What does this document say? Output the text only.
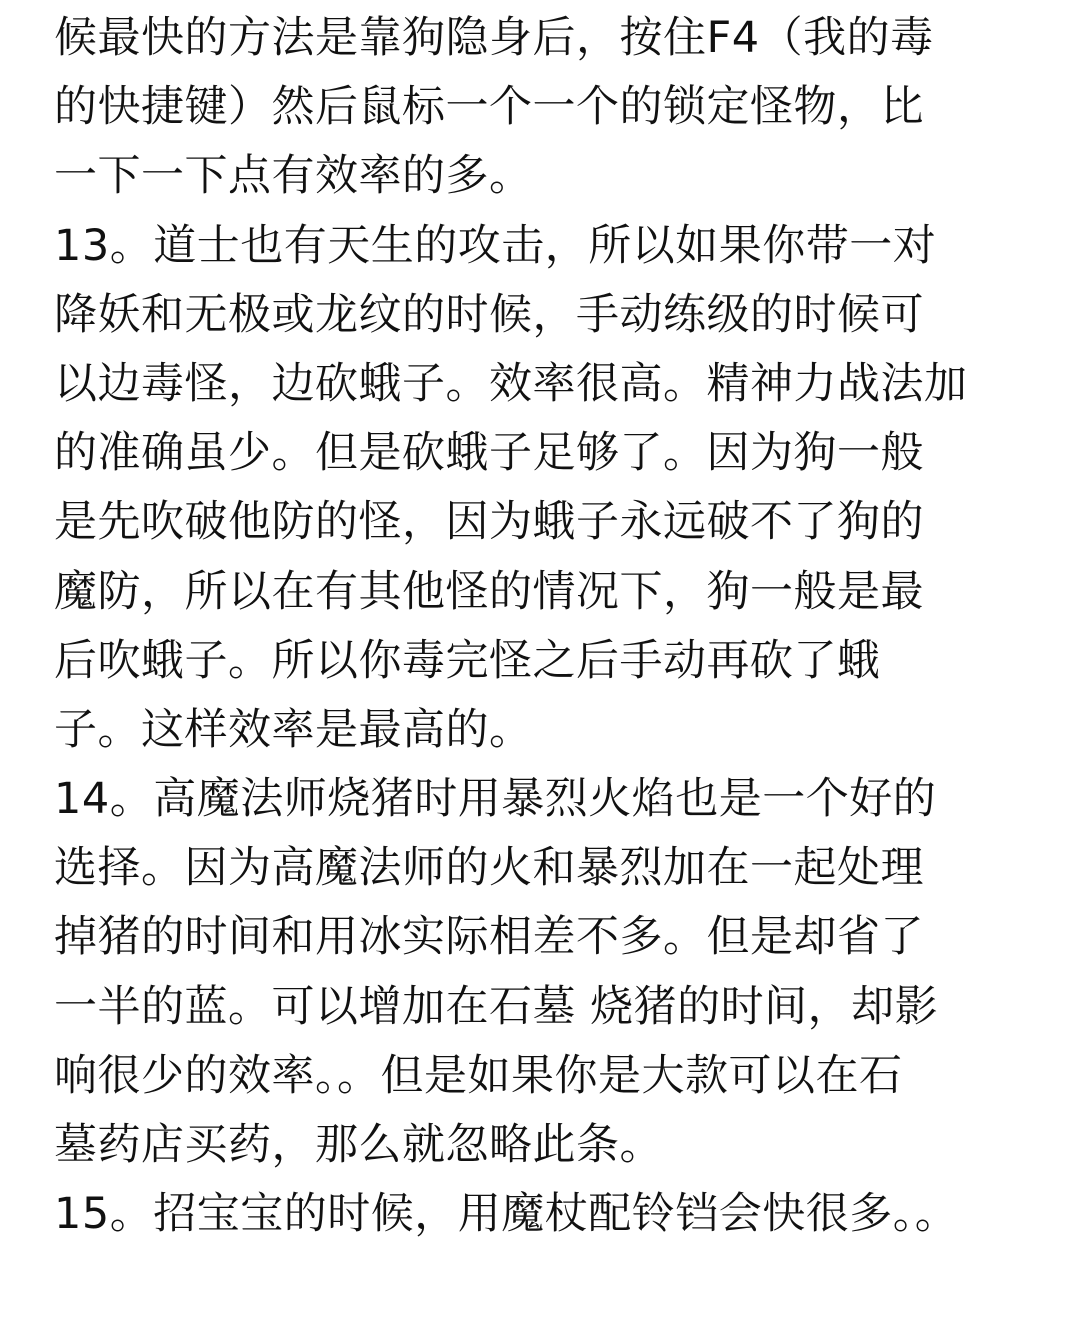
候最快的方法是靠狗隐身后，按住F4（我的毒
的快捷键）然后鼠标一个一个的锁定怪物，比
一下一下点有效率的多。
13。道士也有天生的攻击，所以如果你带一对
降妖和无极或龙纹的时候，手动练级的时候可
以边毒怪，边砍蛾子。效率很高。精神力战法加
的准确虽少。但是砍蛾子足够了。因为狗一般
是先吹破他防的怪，因为蛾子永远破不了狗的
魔防，所以在有其他怪的情况下，狗一般是最
后吹蛾子。所以你毒完怪之后手动再砍了蛾
子。这样效率是最高的。
14。高魔法师烧猪时用暴烈火焰也是一个好的
选择。因为高魔法师的火和暴烈加在一起处理
掉猪的时间和用冰实际相差不多。但是却省了
一半的蓝。可以增加在石墓 烧猪的时间，却影
响很少的效率。。但是如果你是大款可以在石
墓药店买药，那么就忽略此条。
15。招宝宝的时候，用魔杖配铃铛会快很多。。
